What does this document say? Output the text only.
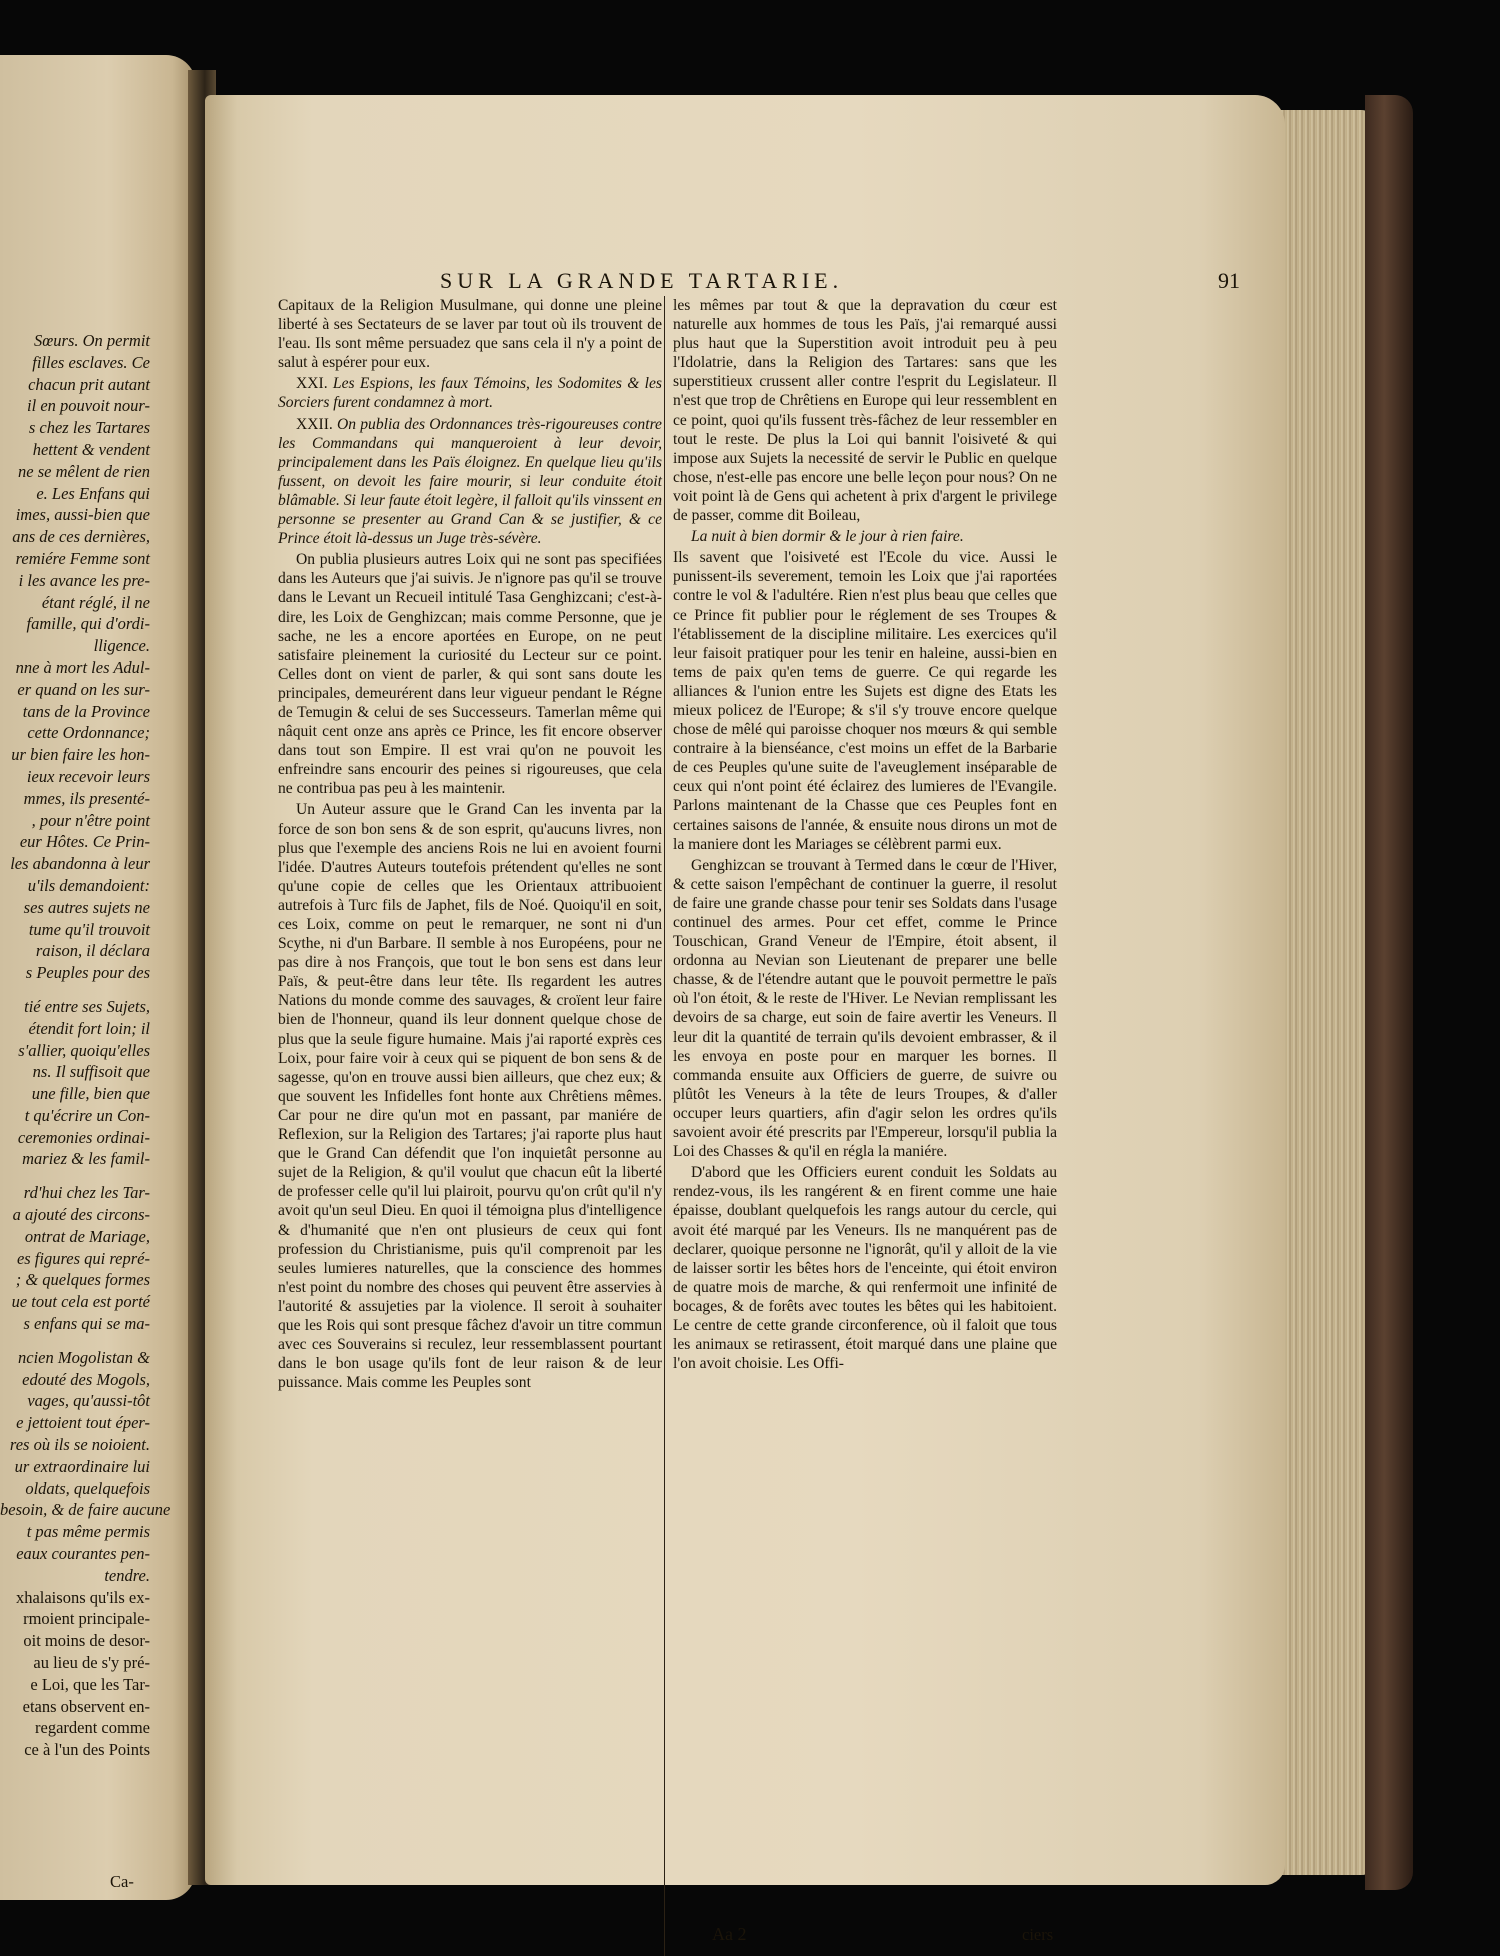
Sœurs. On permit
filles esclaves. Ce
chacun prit autant
il en pouvoit nour-
s chez les Tartares
hettent & vendent
ne se mêlent de rien
e. Les Enfans qui
imes, aussi-bien que
ans de ces dernières,
remiére Femme sont
i les avance les pre-
étant réglé, il ne
famille, qui d'ordi-
lligence.
nne à mort les Adul-
er quand on les sur-
tans de la Province
cette Ordonnance;
ur bien faire les hon-
ieux recevoir leurs
mmes, ils presenté-
, pour n'être point
eur Hôtes. Ce Prin-
les abandonna à leur
u'ils demandoient:
ses autres sujets ne
tume qu'il trouvoit
raison, il déclara
s Peuples pour des
tié entre ses Sujets,
étendit fort loin; il
s'allier, quoiqu'elles
ns. Il suffisoit que
une fille, bien que
t qu'écrire un Con-
ceremonies ordinai-
mariez & les famil-
rd'hui chez les Tar-
a ajouté des circons-
ontrat de Mariage,
es figures qui repré-
; & quelques formes
ue tout cela est porté
s enfans qui se ma-
ncien Mogolistan &
edouté des Mogols,
vages, qu'aussi-tôt
e jettoient tout éper-
res où ils se noioient.
ur extraordinaire lui
oldats, quelquefois
besoin, & de faire aucune
t pas même permis
eaux courantes pen-
tendre.
xhalaisons qu'ils ex-
rmoient principale-
oit moins de desor-
au lieu de s'y pré-
e Loi, que les Tar-
etans observent en-
regardent comme
ce à l'un des Points
Ca-
SUR LA GRANDE TARTARIE.	91

Capitaux de la Religion Musulmane, qui donne une pleine liberté à ses Sectateurs de se laver par tout où ils trouvent de l'eau. Ils sont même persuadez que sans cela il n'y a point de salut à espérer pour eux.

XXI. Les Espions, les faux Témoins, les Sodomites & les Sorciers furent condamnez à mort.

XXII. On publia des Ordonnances très-rigoureuses contre les Commandans qui manqueroient à leur devoir, principalement dans les Païs éloignez. En quelque lieu qu'ils fussent, on devoit les faire mourir, si leur conduite étoit blâmable. Si leur faute étoit legère, il falloit qu'ils vinssent en personne se presenter au Grand Can & se justifier, & ce Prince étoit là-dessus un Juge très-sévère.

On publia plusieurs autres Loix qui ne sont pas specifiées dans les Auteurs que j'ai suivis. Je n'ignore pas qu'il se trouve dans le Levant un Recueil intitulé Tasa Genghizcani; c'est-à-dire, les Loix de Genghizcan; mais comme Personne, que je sache, ne les a encore aportées en Europe, on ne peut satisfaire pleinement la curiosité du Lecteur sur ce point. Celles dont on vient de parler, & qui sont sans doute les principales, demeurérent dans leur vigueur pendant le Régne de Temugin & celui de ses Successeurs. Tamerlan même qui nâquit cent onze ans après ce Prince, les fit encore observer dans tout son Empire. Il est vrai qu'on ne pouvoit les enfreindre sans encourir des peines si rigoureuses, que cela ne contribua pas peu à les maintenir.

Un Auteur assure que le Grand Can les inventa par la force de son bon sens & de son esprit, qu'aucuns livres, non plus que l'exemple des anciens Rois ne lui en avoient fourni l'idée. D'autres Auteurs toutefois prétendent qu'elles ne sont qu'une copie de celles que les Orientaux attribuoient autrefois à Turc fils de Japhet, fils de Noé. Quoiqu'il en soit, ces Loix, comme on peut le remarquer, ne sont ni d'un Scythe, ni d'un Barbare. Il semble à nos Européens, pour ne pas dire à nos François, que tout le bon sens est dans leur Païs, & peut-être dans leur tête. Ils regardent les autres Nations du monde comme des sauvages, & croïent leur faire bien de l'honneur, quand ils leur donnent quelque chose de plus que la seule figure humaine. Mais j'ai raporté exprès ces Loix, pour faire voir à ceux qui se piquent de bon sens & de sagesse, qu'on en trouve aussi bien ailleurs, que chez eux; & que souvent les Infidelles font honte aux Chrêtiens mêmes. Car pour ne dire qu'un mot en passant, par maniére de Reflexion, sur la Religion des Tartares; j'ai raporte plus haut que le Grand Can défendit que l'on inquietât personne au sujet de la Religion, & qu'il voulut que chacun eût la liberté de professer celle qu'il lui plairoit, pourvu qu'on crût qu'il n'y avoit qu'un seul Dieu. En quoi il témoigna plus d'intelligence & d'humanité que n'en ont plusieurs de ceux qui font profession du Christianisme, puis qu'il comprenoit par les seules lumieres naturelles, que la conscience des hommes n'est point du nombre des choses qui peuvent être asservies à l'autorité & assujeties par la violence. Il seroit à souhaiter que les Rois qui sont presque fâchez d'avoir un titre commun avec ces Souverains si reculez, leur ressemblassent pourtant dans le bon usage qu'ils font de leur raison & de leur puissance. Mais comme les Peuples sont

les mêmes par tout & que la depravation du cœur est naturelle aux hommes de tous les Païs, j'ai remarqué aussi plus haut que la Superstition avoit introduit peu à peu l'Idolatrie, dans la Religion des Tartares: sans que les superstitieux crussent aller contre l'esprit du Legislateur. Il n'est que trop de Chrêtiens en Europe qui leur ressemblent en ce point, quoi qu'ils fussent très-fâchez de leur ressembler en tout le reste. De plus la Loi qui bannit l'oisiveté & qui impose aux Sujets la necessité de servir le Public en quelque chose, n'est-elle pas encore une belle leçon pour nous? On ne voit point là de Gens qui achetent à prix d'argent le privilege de passer, comme dit Boileau,

La nuit à bien dormir & le jour à rien faire.

Ils savent que l'oisiveté est l'Ecole du vice. Aussi le punissent-ils severement, temoin les Loix que j'ai raportées contre le vol & l'adultére. Rien n'est plus beau que celles que ce Prince fit publier pour le réglement de ses Troupes & l'établissement de la discipline militaire. Les exercices qu'il leur faisoit pratiquer pour les tenir en haleine, aussi-bien en tems de paix qu'en tems de guerre. Ce qui regarde les alliances & l'union entre les Sujets est digne des Etats les mieux policez de l'Europe; & s'il s'y trouve encore quelque chose de mêlé qui paroisse choquer nos mœurs & qui semble contraire à la bienséance, c'est moins un effet de la Barbarie de ces Peuples qu'une suite de l'aveuglement inséparable de ceux qui n'ont point été éclairez des lumieres de l'Evangile. Parlons maintenant de la Chasse que ces Peuples font en certaines saisons de l'année, & ensuite nous dirons un mot de la maniere dont les Mariages se célèbrent parmi eux.

Genghizcan se trouvant à Termed dans le cœur de l'Hiver, & cette saison l'empêchant de continuer la guerre, il resolut de faire une grande chasse pour tenir ses Soldats dans l'usage continuel des armes. Pour cet effet, comme le Prince Touschican, Grand Veneur de l'Empire, étoit absent, il ordonna au Nevian son Lieutenant de preparer une belle chasse, & de l'étendre autant que le pouvoit permettre le païs où l'on étoit, & le reste de l'Hiver. Le Nevian remplissant les devoirs de sa charge, eut soin de faire avertir les Veneurs. Il leur dit la quantité de terrain qu'ils devoient embrasser, & il les envoya en poste pour en marquer les bornes. Il commanda ensuite aux Officiers de guerre, de suivre ou plûtôt les Veneurs à la tête de leurs Troupes, & d'aller occuper leurs quartiers, afin d'agir selon les ordres qu'ils savoient avoir été prescrits par l'Empereur, lorsqu'il publia la Loi des Chasses & qu'il en régla la maniére.

D'abord que les Officiers eurent conduit les Soldats au rendez-vous, ils les rangérent & en firent comme une haie épaisse, doublant quelquefois les rangs autour du cercle, qui avoit été marqué par les Veneurs. Ils ne manquérent pas de declarer, quoique personne ne l'ignorât, qu'il y alloit de la vie de laisser sortir les bêtes hors de l'enceinte, qui étoit environ de quatre mois de marche, & qui renfermoit une infinité de bocages, & de forêts avec toutes les bêtes qui les habitoient. Le centre de cette grande circonference, où il faloit que tous les animaux se retirassent, étoit marqué dans une plaine que l'on avoit choisie. Les Offi-

Aa 2	ciers
